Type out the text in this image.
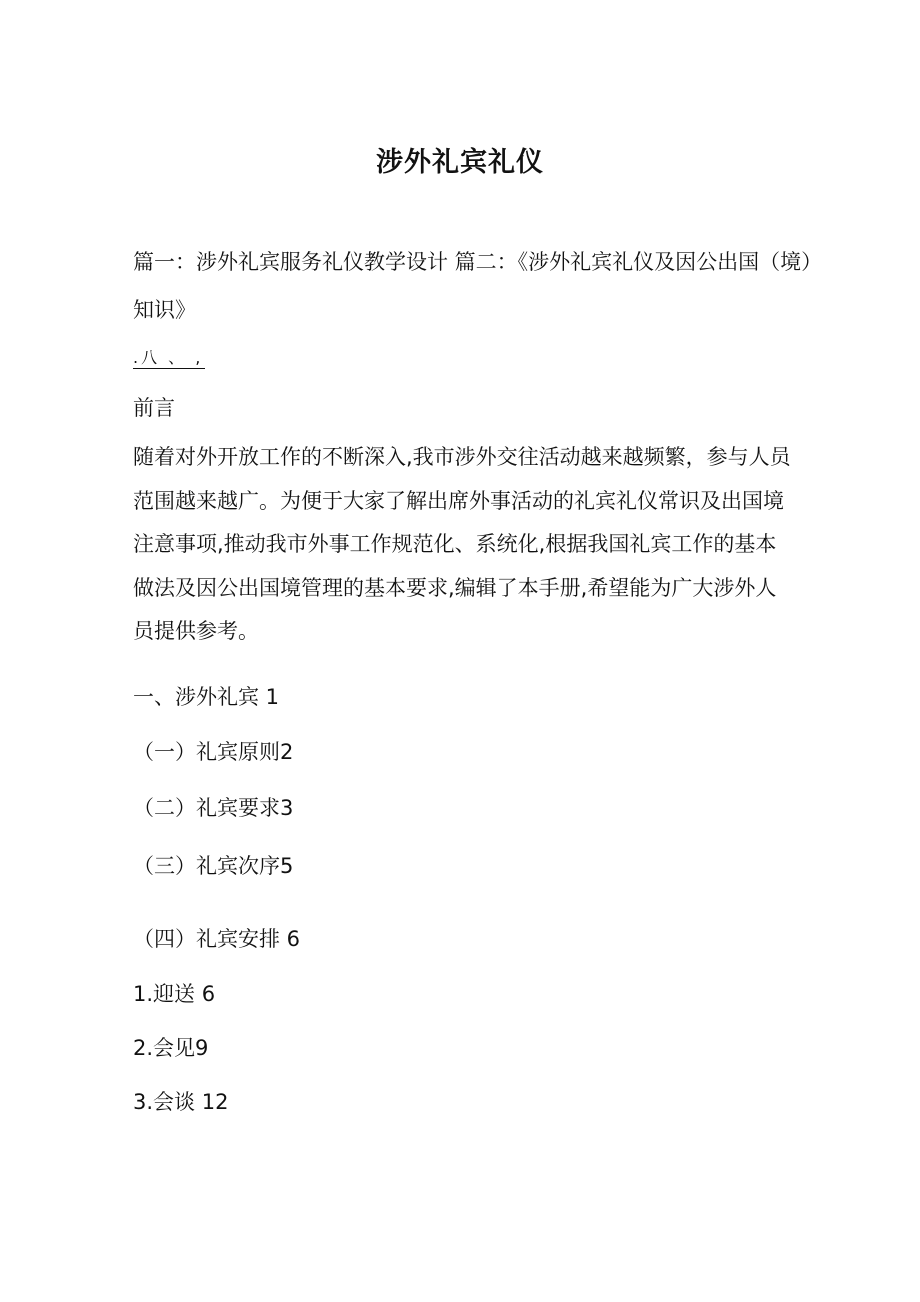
涉外礼宾礼仪
篇一：涉外礼宾服务礼仪教学设计 篇二：《涉外礼宾礼仪及因公出国（境）知识》
.八 、 ,
前言
随着对外开放工作的不断深入,我市涉外交往活动越来越频繁，参与人员范围越来越广。为便于大家了解出席外事活动的礼宾礼仪常识及出国境注意事项,推动我市外事工作规范化、系统化,根据我国礼宾工作的基本做法及因公出国境管理的基本要求,编辑了本手册,希望能为广大涉外人员提供参考。
一、涉外礼宾 1
（一）礼宾原则2
（二）礼宾要求3
（三）礼宾次序5
（四）礼宾安排 6
1.迎送 6
2.会见9
3.会谈 12
